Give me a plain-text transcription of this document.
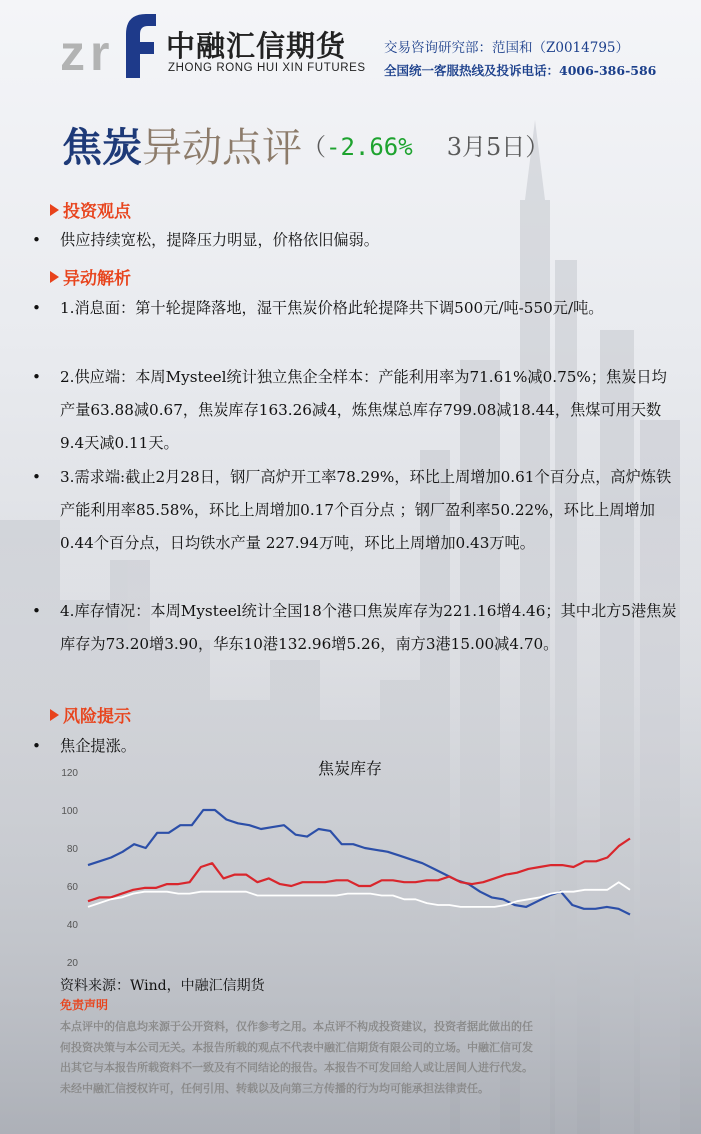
z r 中融汇信期货
ZHONG RONG HUI XIN FUTURES
交易咨询研究部：范国和（Z0014795）
全国统一客服热线及投诉电话：4006-386-586
焦炭异动点评（-2.66% 3月5日）
投资观点
• 供应持续宽松，提降压力明显，价格依旧偏弱。
异动解析
• 1.消息面：第十轮提降落地，湿干焦炭价格此轮提降共下调500元/吨-550元/吨。
• 2.供应端：本周Mysteel统计独立焦企全样本：产能利用率为71.61%减0.75%；焦炭日均产量63.88减0.67，焦炭库存163.26减4，炼焦煤总库存799.08减18.44，焦煤可用天数9.4天减0.11天。
• 3.需求端:截止2月28日，钢厂高炉开工率78.29%，环比上周增加0.61个百分点，高炉炼铁产能利用率85.58%，环比上周增加0.17个百分点 ；钢厂盈利率50.22%，环比上周增加0.44个百分点，日均铁水产量 227.94万吨，环比上周增加0.43万吨。
• 4.库存情况：本周Mysteel统计全国18个港口焦炭库存为221.16增4.46；其中北方5港焦炭库存为73.20增3.90，华东10港132.96增5.26，南方3港15.00减4.70。
风险提示
• 焦企提涨。
焦炭库存
20
40
60
80
100
120
资料来源：Wind，中融汇信期货
免责声明
本点评中的信息均来源于公开资料，仅作参考之用。本点评不构成投资建议，投资者据此做出的任
何投资决策与本公司无关。本报告所载的观点不代表中融汇信期货有限公司的立场。中融汇信可发
出其它与本报告所载资料不一致及有不同结论的报告。本报告不可发回给人或让居间人进行代发。
未经中融汇信授权许可，任何引用、转载以及向第三方传播的行为均可能承担法律责任。
